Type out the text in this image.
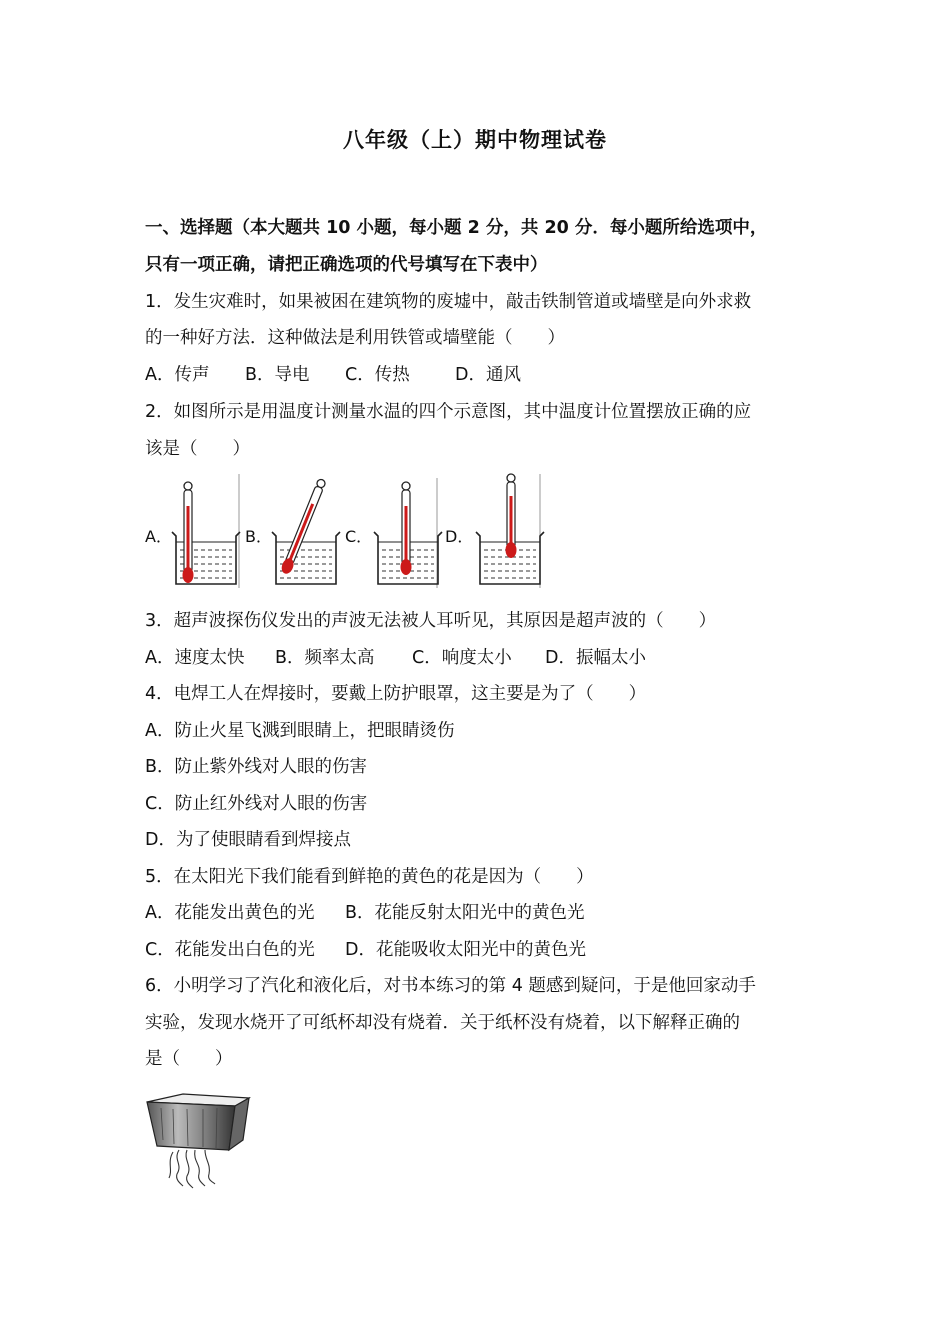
八年级（上）期中物理试卷
一、选择题（本大题共 10 小题，每小题 2 分，共 20 分．每小题所给选项中，
只有一项正确，请把正确选项的代号填写在下表中）
1．发生灾难时，如果被困在建筑物的废墟中，敲击铁制管道或墙壁是向外求救
的一种好方法．这种做法是利用铁管或墙壁能（　　）
A．传声 B．导电 C．传热	D．通风
2．如图所示是用温度计测量水温的四个示意图，其中温度计位置摆放正确的应
该是（　　）
A．	B．	C．	D．
3．超声波探伤仪发出的声波无法被人耳听见，其原因是超声波的（　　）
A．速度太快 B．频率太高 C．响度太小 D．振幅太小
4．电焊工人在焊接时，要戴上防护眼罩，这主要是为了（　　）
A．防止火星飞溅到眼睛上，把眼睛烫伤
B．防止紫外线对人眼的伤害
C．防止红外线对人眼的伤害
D．为了使眼睛看到焊接点
5．在太阳光下我们能看到鲜艳的黄色的花是因为（　　）
A．花能发出黄色的光 B．花能反射太阳光中的黄色光
C．花能发出白色的光 D．花能吸收太阳光中的黄色光
6．小明学习了汽化和液化后，对书本练习的第 4 题感到疑问，于是他回家动手
实验，发现水烧开了可纸杯却没有烧着．关于纸杯没有烧着，以下解释正确的
是（　　）
